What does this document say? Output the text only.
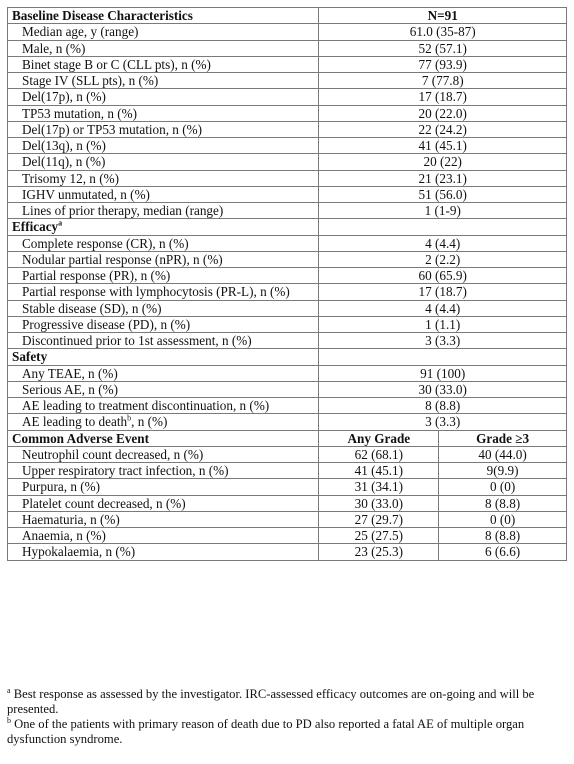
Baseline Disease Characteristics	N=91	
Median age, y (range)	61.0 (35-87)	
Male, n (%)	52 (57.1)	
Binet stage B or C (CLL pts), n (%)	77 (93.9)	
Stage IV (SLL pts), n (%)	7 (77.8)	
Del(17p), n (%)	17 (18.7)	
TP53 mutation, n (%)	20 (22.0)	
Del(17p) or TP53 mutation, n (%)	22 (24.2)	
Del(13q), n (%)	41 (45.1)	
Del(11q), n (%)	20 (22)	
Trisomy 12, n (%)	21 (23.1)	
IGHV unmutated, n (%)	51 (56.0)	
Lines of prior therapy, median (range)	1 (1-9)	
Efficacy$^a$	
Complete response (CR), n (%)	4 (4.4)	
Nodular partial response (nPR), n (%)	2 (2.2)	
Partial response (PR), n (%)	60 (65.9)	
Partial response with lymphocytosis (PR-L), n (%)	17 (18.7)	
Stable disease (SD), n (%)	4 (4.4)	
Progressive disease (PD), n (%)	1 (1.1)	
Discontinued prior to 1st assessment, n (%)	3 (3.3)	
Safety		
Any TEAE, n (%)	91 (100)	
Serious AE, n (%)	30 (33.0)	
AE leading to treatment discontinuation, n (%)	8 (8.8)	
AE leading to death$^b$, n (%)	3 (3.3)	
Common Adverse Event	Any Grade	Grade ≥3
Neutrophil count decreased, n (%)	62 (68.1)	40 (44.0)
Upper respiratory tract infection, n (%)	41 (45.1)	9(9.9)
Purpura, n (%)	31 (34.1)	0 (0)
Platelet count decreased, n (%)	30 (33.0)	8 (8.8)
Haematuria, n (%)	27 (29.7)	0 (0)
Anaemia, n (%)	25 (27.5)	8 (8.8)
Hypokalaemia, n (%)	23 (25.3)	6 (6.6)

$^a$ Best response as assessed by the investigator. IRC-assessed efficacy outcomes are on-going and will be presented.

$^b$ One of the patients with primary reason of death due to PD also reported a fatal AE of multiple organ dysfunction syndrome.
